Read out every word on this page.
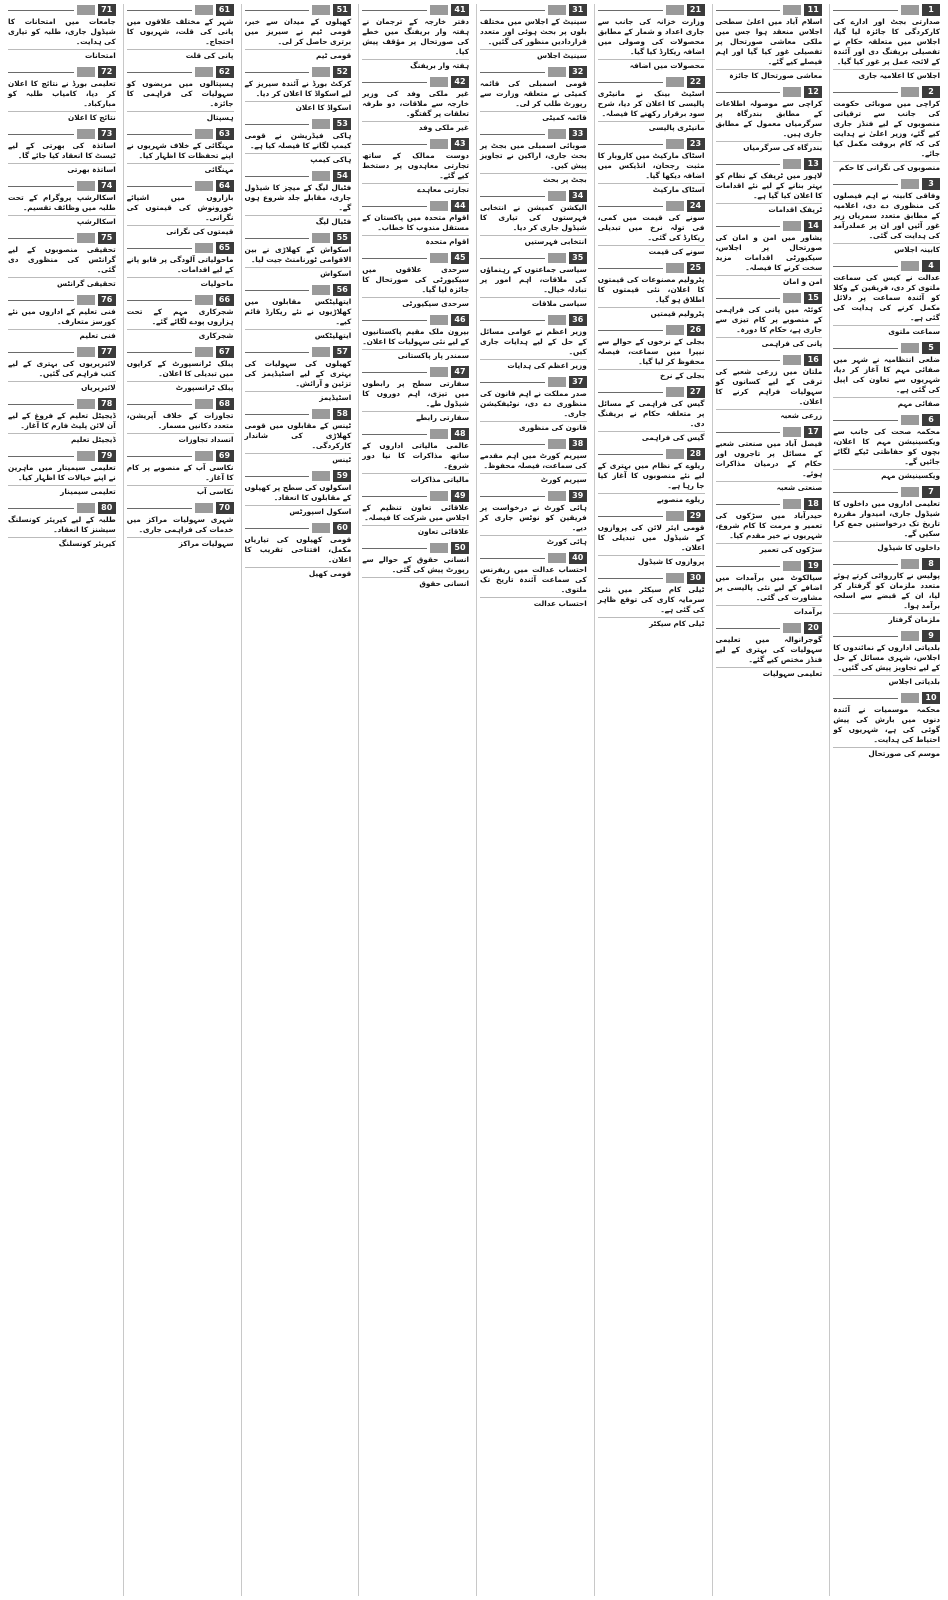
1
صدارتی بجٹ اور ادارے کی کارکردگی کا جائزہ لیا گیا، اجلاس میں متعلقہ حکام نے تفصیلی بریفنگ دی اور آئندہ کے لائحہ عمل پر غور کیا گیا۔
اجلاس کا اعلامیہ جاری
2
کراچی میں صوبائی حکومت کی جانب سے ترقیاتی منصوبوں کے لیے فنڈز جاری کیے گئے، وزیر اعلیٰ نے ہدایت کی کہ کام بروقت مکمل کیا جائے۔
منصوبوں کی نگرانی کا حکم
3
وفاقی کابینہ نے اہم فیصلوں کی منظوری دے دی، اعلامیہ کے مطابق متعدد سمریاں زیر غور آئیں اور ان پر عملدرآمد کی ہدایت کی گئی۔
کابینہ اجلاس
4
عدالت نے کیس کی سماعت ملتوی کر دی، فریقین کے وکلا کو آئندہ سماعت پر دلائل مکمل کرنے کی ہدایت کی گئی ہے۔
سماعت ملتوی
5
ضلعی انتظامیہ نے شہر میں صفائی مہم کا آغاز کر دیا، شہریوں سے تعاون کی اپیل کی گئی ہے۔
صفائی مہم
6
محکمہ صحت کی جانب سے ویکسینیشن مہم کا اعلان، بچوں کو حفاظتی ٹیکے لگائے جائیں گے۔
ویکسینیشن مہم
7
تعلیمی اداروں میں داخلوں کا شیڈول جاری، امیدوار مقررہ تاریخ تک درخواستیں جمع کرا سکیں گے۔
داخلوں کا شیڈول
8
پولیس نے کارروائی کرتے ہوئے متعدد ملزمان کو گرفتار کر لیا، ان کے قبضے سے اسلحہ برآمد ہوا۔
ملزمان گرفتار
9
بلدیاتی اداروں کے نمائندوں کا اجلاس، شہری مسائل کے حل کے لیے تجاویز پیش کی گئیں۔
بلدیاتی اجلاس
10
محکمہ موسمیات نے آئندہ دنوں میں بارش کی پیش گوئی کی ہے، شہریوں کو احتیاط کی ہدایت۔
موسم کی صورتحال
11
اسلام آباد میں اعلیٰ سطحی اجلاس منعقد ہوا جس میں ملکی معاشی صورتحال پر تفصیلی غور کیا گیا اور اہم فیصلے کیے گئے۔
معاشی صورتحال کا جائزہ
12
کراچی سے موصولہ اطلاعات کے مطابق بندرگاہ پر سرگرمیاں معمول کے مطابق جاری ہیں۔
بندرگاہ کی سرگرمیاں
13
لاہور میں ٹریفک کے نظام کو بہتر بنانے کے لیے نئے اقدامات کا اعلان کیا گیا ہے۔
ٹریفک اقدامات
14
پشاور میں امن و امان کی صورتحال پر اجلاس، سیکیورٹی اقدامات مزید سخت کرنے کا فیصلہ۔
امن و امان
15
کوئٹہ میں پانی کی فراہمی کے منصوبے پر کام تیزی سے جاری ہے، حکام کا دورہ۔
پانی کی فراہمی
16
ملتان میں زرعی شعبے کی ترقی کے لیے کسانوں کو سہولیات فراہم کرنے کا اعلان۔
زرعی شعبہ
17
فیصل آباد میں صنعتی شعبے کے مسائل پر تاجروں اور حکام کے درمیان مذاکرات ہوئے۔
صنعتی شعبہ
18
حیدرآباد میں سڑکوں کی تعمیر و مرمت کا کام شروع، شہریوں نے خیر مقدم کیا۔
سڑکوں کی تعمیر
19
سیالکوٹ میں برآمدات میں اضافے کے لیے نئی پالیسی پر مشاورت کی گئی۔
برآمدات
20
گوجرانوالہ میں تعلیمی سہولیات کی بہتری کے لیے فنڈز مختص کیے گئے۔
تعلیمی سہولیات
21
وزارت خزانہ کی جانب سے جاری اعداد و شمار کے مطابق محصولات کی وصولی میں اضافہ ریکارڈ کیا گیا۔
محصولات میں اضافہ
22
اسٹیٹ بینک نے مانیٹری پالیسی کا اعلان کر دیا، شرح سود برقرار رکھنے کا فیصلہ۔
مانیٹری پالیسی
23
اسٹاک مارکیٹ میں کاروبار کا مثبت رجحان، انڈیکس میں اضافہ دیکھا گیا۔
اسٹاک مارکیٹ
24
سونے کی قیمت میں کمی، فی تولہ نرخ میں تبدیلی ریکارڈ کی گئی۔
سونے کی قیمت
25
پٹرولیم مصنوعات کی قیمتوں کا اعلان، نئی قیمتوں کا اطلاق ہو گیا۔
پٹرولیم قیمتیں
26
بجلی کے نرخوں کے حوالے سے نیپرا میں سماعت، فیصلہ محفوظ کر لیا گیا۔
بجلی کے نرخ
27
گیس کی فراہمی کے مسائل پر متعلقہ حکام نے بریفنگ دی۔
گیس کی فراہمی
28
ریلوے کے نظام میں بہتری کے لیے نئے منصوبوں کا آغاز کیا جا رہا ہے۔
ریلوے منصوبے
29
قومی ایئر لائن کی پروازوں کے شیڈول میں تبدیلی کا اعلان۔
پروازوں کا شیڈول
30
ٹیلی کام سیکٹر میں نئی سرمایہ کاری کی توقع ظاہر کی گئی ہے۔
ٹیلی کام سیکٹر
31
سینیٹ کے اجلاس میں مختلف بلوں پر بحث ہوئی اور متعدد قراردادیں منظور کی گئیں۔
سینیٹ اجلاس
32
قومی اسمبلی کی قائمہ کمیٹی نے متعلقہ وزارت سے رپورٹ طلب کر لی۔
قائمہ کمیٹی
33
صوبائی اسمبلی میں بجٹ پر بحث جاری، اراکین نے تجاویز پیش کیں۔
بجٹ پر بحث
34
الیکشن کمیشن نے انتخابی فہرستوں کی تیاری کا شیڈول جاری کر دیا۔
انتخابی فہرستیں
35
سیاسی جماعتوں کے رہنماؤں کی ملاقات، اہم امور پر تبادلہ خیال۔
سیاسی ملاقات
36
وزیر اعظم نے عوامی مسائل کے حل کے لیے ہدایات جاری کیں۔
وزیر اعظم کی ہدایات
37
صدر مملکت نے اہم قانون کی منظوری دے دی، نوٹیفکیشن جاری۔
قانون کی منظوری
38
سپریم کورٹ میں اہم مقدمے کی سماعت، فیصلہ محفوظ۔
سپریم کورٹ
39
ہائی کورٹ نے درخواست پر فریقین کو نوٹس جاری کر دیے۔
ہائی کورٹ
40
احتساب عدالت میں ریفرنس کی سماعت آئندہ تاریخ تک ملتوی۔
احتساب عدالت
41
دفتر خارجہ کے ترجمان نے ہفتہ وار بریفنگ میں خطے کی صورتحال پر مؤقف پیش کیا۔
ہفتہ وار بریفنگ
42
غیر ملکی وفد کی وزیر خارجہ سے ملاقات، دو طرفہ تعلقات پر گفتگو۔
غیر ملکی وفد
43
دوست ممالک کے ساتھ تجارتی معاہدوں پر دستخط کیے گئے۔
تجارتی معاہدے
44
اقوام متحدہ میں پاکستان کے مستقل مندوب کا خطاب۔
اقوام متحدہ
45
سرحدی علاقوں میں سیکیورٹی کی صورتحال کا جائزہ لیا گیا۔
سرحدی سیکیورٹی
46
بیرون ملک مقیم پاکستانیوں کے لیے نئی سہولیات کا اعلان۔
سمندر پار پاکستانی
47
سفارتی سطح پر رابطوں میں تیزی، اہم دوروں کا شیڈول طے۔
سفارتی رابطے
48
عالمی مالیاتی اداروں کے ساتھ مذاکرات کا نیا دور شروع۔
مالیاتی مذاکرات
49
علاقائی تعاون تنظیم کے اجلاس میں شرکت کا فیصلہ۔
علاقائی تعاون
50
انسانی حقوق کے حوالے سے رپورٹ پیش کی گئی۔
انسانی حقوق
51
کھیلوں کے میدان سے خبر، قومی ٹیم نے سیریز میں برتری حاصل کر لی۔
قومی ٹیم
52
کرکٹ بورڈ نے آئندہ سیریز کے لیے اسکواڈ کا اعلان کر دیا۔
اسکواڈ کا اعلان
53
ہاکی فیڈریشن نے قومی کیمپ لگانے کا فیصلہ کیا ہے۔
ہاکی کیمپ
54
فٹبال لیگ کے میچز کا شیڈول جاری، مقابلے جلد شروع ہوں گے۔
فٹبال لیگ
55
اسکواش کے کھلاڑی نے بین الاقوامی ٹورنامنٹ جیت لیا۔
اسکواش
56
ایتھلیٹکس مقابلوں میں کھلاڑیوں نے نئے ریکارڈ قائم کیے۔
ایتھلیٹکس
57
کھیلوں کی سہولیات کی بہتری کے لیے اسٹیڈیمز کی تزئین و آرائش۔
اسٹیڈیمز
58
ٹینس کے مقابلوں میں قومی کھلاڑی کی شاندار کارکردگی۔
ٹینس
59
اسکولوں کی سطح پر کھیلوں کے مقابلوں کا انعقاد۔
اسکول اسپورٹس
60
قومی کھیلوں کی تیاریاں مکمل، افتتاحی تقریب کا اعلان۔
قومی کھیل
61
شہر کے مختلف علاقوں میں پانی کی قلت، شہریوں کا احتجاج۔
پانی کی قلت
62
ہسپتالوں میں مریضوں کو سہولیات کی فراہمی کا جائزہ۔
ہسپتال
63
مہنگائی کے خلاف شہریوں نے اپنے تحفظات کا اظہار کیا۔
مہنگائی
64
بازاروں میں اشیائے خورونوش کی قیمتوں کی نگرانی۔
قیمتوں کی نگرانی
65
ماحولیاتی آلودگی پر قابو پانے کے لیے اقدامات۔
ماحولیات
66
شجرکاری مہم کے تحت ہزاروں پودے لگائے گئے۔
شجرکاری
67
پبلک ٹرانسپورٹ کے کرایوں میں تبدیلی کا اعلان۔
پبلک ٹرانسپورٹ
68
تجاوزات کے خلاف آپریشن، متعدد دکانیں مسمار۔
انسداد تجاوزات
69
نکاسی آب کے منصوبے پر کام کا آغاز۔
نکاسی آب
70
شہری سہولیات مراکز میں خدمات کی فراہمی جاری۔
سہولیات مراکز
71
جامعات میں امتحانات کا شیڈول جاری، طلبہ کو تیاری کی ہدایت۔
امتحانات
72
تعلیمی بورڈ نے نتائج کا اعلان کر دیا، کامیاب طلبہ کو مبارکباد۔
نتائج کا اعلان
73
اساتذہ کی بھرتی کے لیے ٹیسٹ کا انعقاد کیا جائے گا۔
اساتذہ بھرتی
74
اسکالرشپ پروگرام کے تحت طلبہ میں وظائف تقسیم۔
اسکالرشپ
75
تحقیقی منصوبوں کے لیے گرانٹس کی منظوری دی گئی۔
تحقیقی گرانٹس
76
فنی تعلیم کے اداروں میں نئے کورسز متعارف۔
فنی تعلیم
77
لائبریریوں کی بہتری کے لیے کتب فراہم کی گئیں۔
لائبریریاں
78
ڈیجیٹل تعلیم کے فروغ کے لیے آن لائن پلیٹ فارم کا آغاز۔
ڈیجیٹل تعلیم
79
تعلیمی سیمینار میں ماہرین نے اپنے خیالات کا اظہار کیا۔
تعلیمی سیمینار
80
طلبہ کے لیے کیریئر کونسلنگ سیشنز کا انعقاد۔
کیریئر کونسلنگ
